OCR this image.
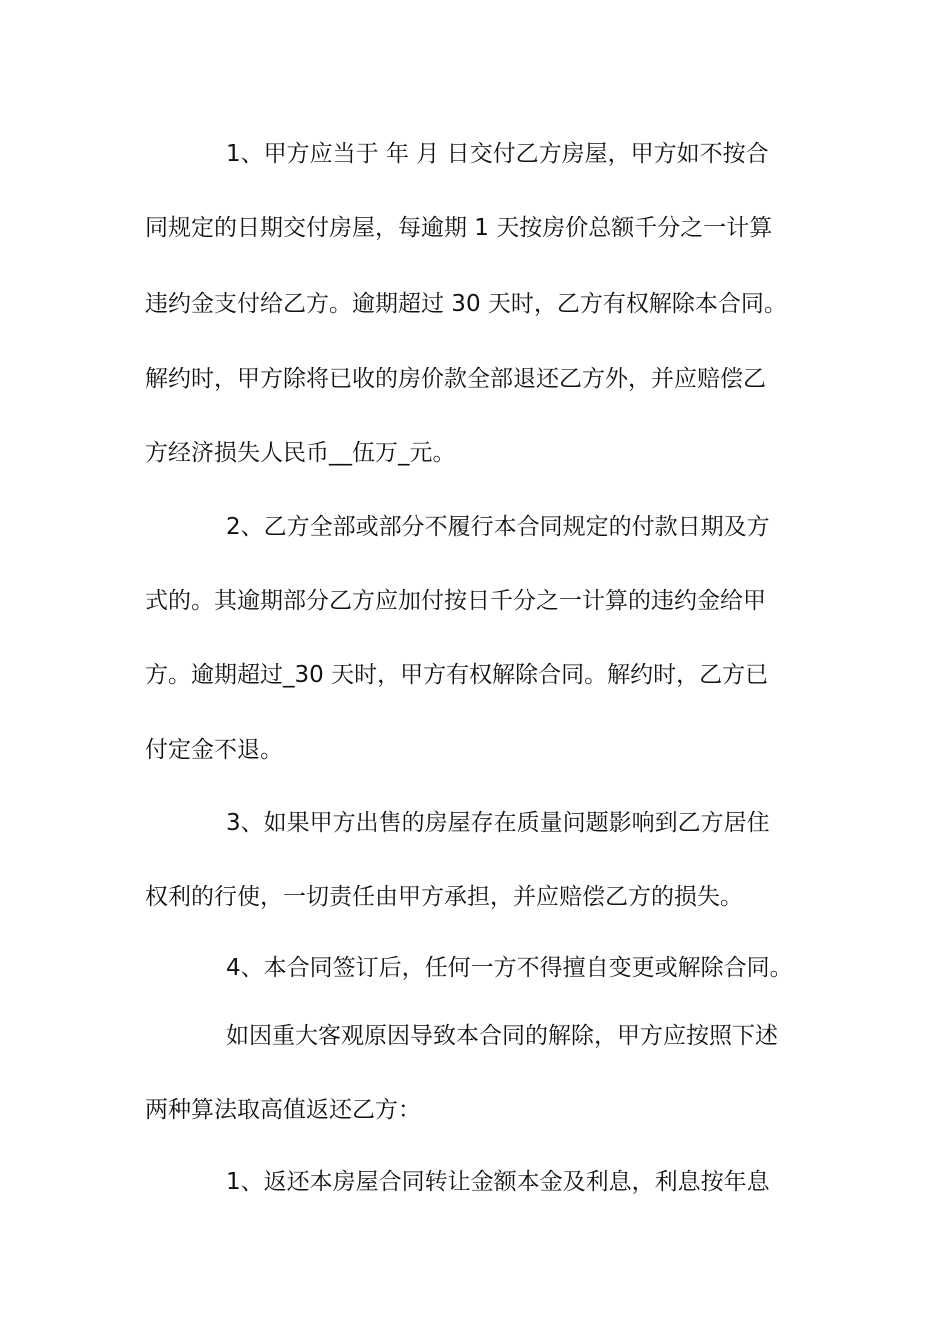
1、甲方应当于 年 月 日交付乙方房屋，甲方如不按合
同规定的日期交付房屋，每逾期 1 天按房价总额千分之一计算
违约金支付给乙方。逾期超过 30 天时，乙方有权解除本合同。
解约时，甲方除将已收的房价款全部退还乙方外，并应赔偿乙
方经济损失人民币__伍万_元。
2、乙方全部或部分不履行本合同规定的付款日期及方
式的。其逾期部分乙方应加付按日千分之一计算的违约金给甲
方。逾期超过_30 天时，甲方有权解除合同。解约时，乙方已
付定金不退。
3、如果甲方出售的房屋存在质量问题影响到乙方居住
权利的行使，一切责任由甲方承担，并应赔偿乙方的损失。
4、本合同签订后，任何一方不得擅自变更或解除合同。
如因重大客观原因导致本合同的解除，甲方应按照下述
两种算法取高值返还乙方：
1、返还本房屋合同转让金额本金及利息，利息按年息
